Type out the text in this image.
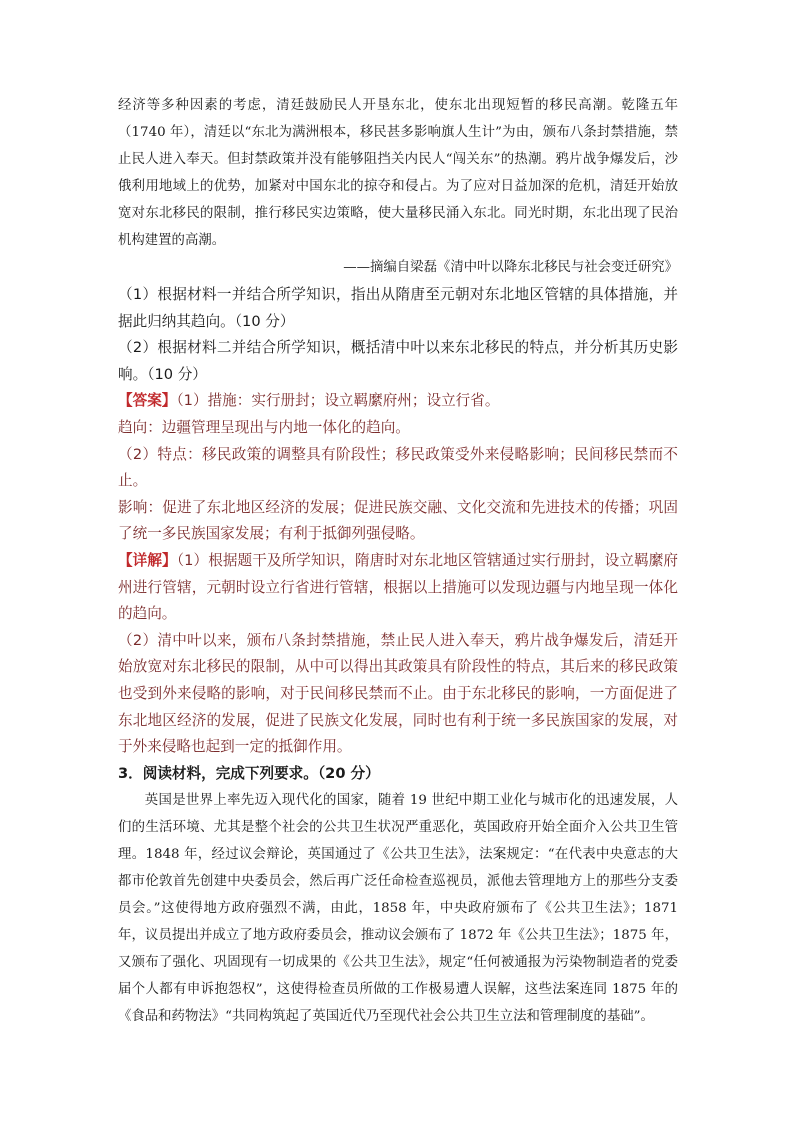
经济等多种因素的考虑，清廷鼓励民人开垦东北，使东北出现短暂的移民高潮。乾隆五年（1740 年），清廷以“东北为满洲根本，移民甚多影响旗人生计”为由，颁布八条封禁措施，禁止民人进入奉天。但封禁政策并没有能够阻挡关内民人“闯关东”的热潮。鸦片战争爆发后，沙俄利用地域上的优势，加紧对中国东北的掠夺和侵占。为了应对日益加深的危机，清廷开始放宽对东北移民的限制，推行移民实边策略，使大量移民涌入东北。同光时期，东北出现了民治机构建置的高潮。

——摘编自梁磊《清中叶以降东北移民与社会变迁研究》

（1）根据材料一并结合所学知识，指出从隋唐至元朝对东北地区管辖的具体措施，并据此归纳其趋向。（10 分）

（2）根据材料二并结合所学知识，概括清中叶以来东北移民的特点，并分析其历史影响。（10 分）

【答案】（1）措施：实行册封；设立羁縻府州；设立行省。

趋向：边疆管理呈现出与内地一体化的趋向。

（2）特点：移民政策的调整具有阶段性；移民政策受外来侵略影响；民间移民禁而不止。

影响：促进了东北地区经济的发展；促进民族交融、文化交流和先进技术的传播；巩固了统一多民族国家发展；有利于抵御列强侵略。

【详解】（1）根据题干及所学知识，隋唐时对东北地区管辖通过实行册封，设立羁縻府州进行管辖，元朝时设立行省进行管辖，根据以上措施可以发现边疆与内地呈现一体化的趋向。

（2）清中叶以来，颁布八条封禁措施，禁止民人进入奉天，鸦片战争爆发后，清廷开始放宽对东北移民的限制，从中可以得出其政策具有阶段性的特点，其后来的移民政策也受到外来侵略的影响，对于民间移民禁而不止。由于东北移民的影响，一方面促进了东北地区经济的发展，促进了民族文化发展，同时也有利于统一多民族国家的发展，对于外来侵略也起到一定的抵御作用。

3．阅读材料，完成下列要求。（20 分）

英国是世界上率先迈入现代化的国家，随着 19 世纪中期工业化与城市化的迅速发展，人们的生活环境、尤其是整个社会的公共卫生状况严重恶化，英国政府开始全面介入公共卫生管理。1848 年，经过议会辩论，英国通过了《公共卫生法》，法案规定：“在代表中央意志的大都市伦敦首先创建中央委员会，然后再广泛任命检查巡视员，派他去管理地方上的那些分支委员会。”这使得地方政府强烈不满，由此，1858 年，中央政府颁布了《公共卫生法》；1871 年，议员提出并成立了地方政府委员会，推动议会颁布了 1872 年《公共卫生法》；1875 年，又颁布了强化、巩固现有一切成果的《公共卫生法》，规定“任何被通报为污染物制造者的党委届个人都有申诉抱怨权”，这使得检查员所做的工作极易遭人误解，这些法案连同 1875 年的《食品和药物法》“共同构筑起了英国近代乃至现代社会公共卫生立法和管理制度的基础”。
